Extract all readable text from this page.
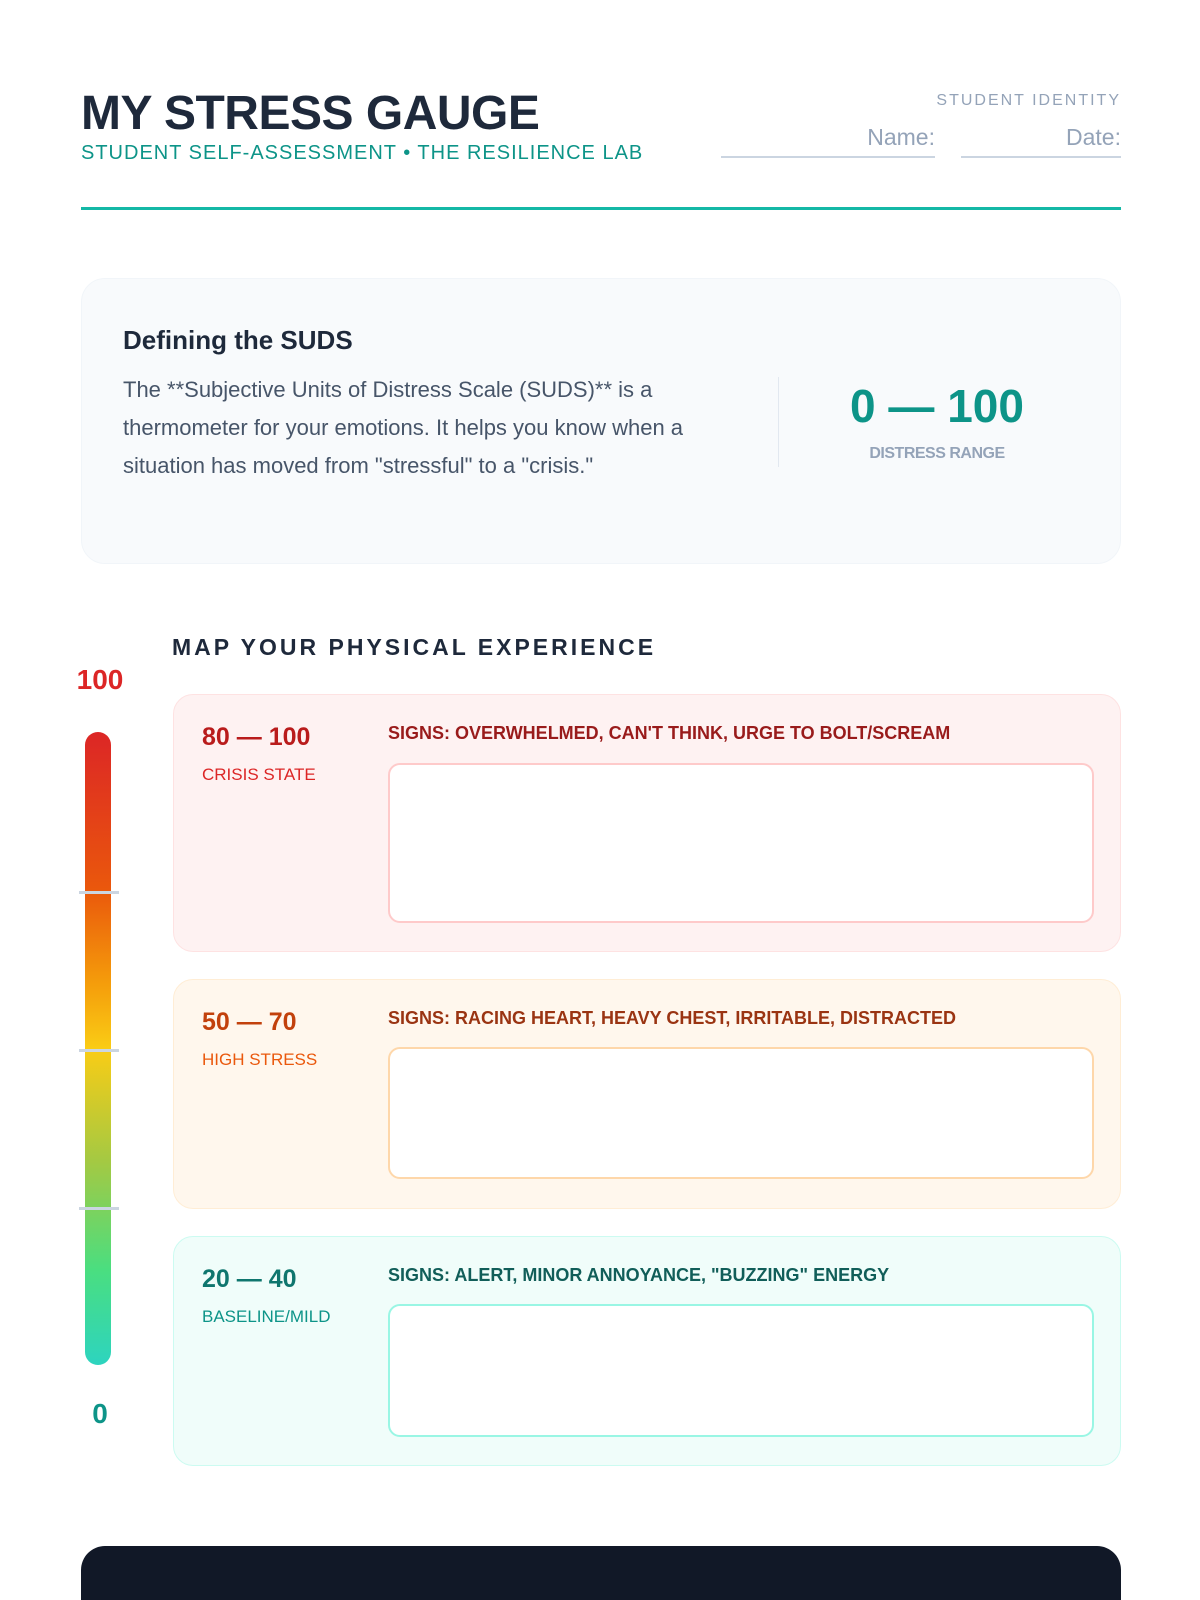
MY STRESS GAUGE
STUDENT SELF-ASSESSMENT • THE RESILIENCE LAB
STUDENT IDENTITY
Name:	Date:
Defining the SUDS

The **Subjective Units of Distress Scale (SUDS)** is a thermometer for your emotions. It helps you know when a situation has moved from "stressful" to a "crisis."

0 — 100
DISTRESS RANGE
MAP YOUR PHYSICAL EXPERIENCE
100
0
80 — 100
CRISIS STATE
SIGNS: OVERWHELMED, CAN'T THINK, URGE TO BOLT/SCREAM
50 — 70
HIGH STRESS
SIGNS: RACING HEART, HEAVY CHEST, IRRITABLE, DISTRACTED
20 — 40
BASELINE/MILD
SIGNS: ALERT, MINOR ANNOYANCE, "BUZZING" ENERGY
